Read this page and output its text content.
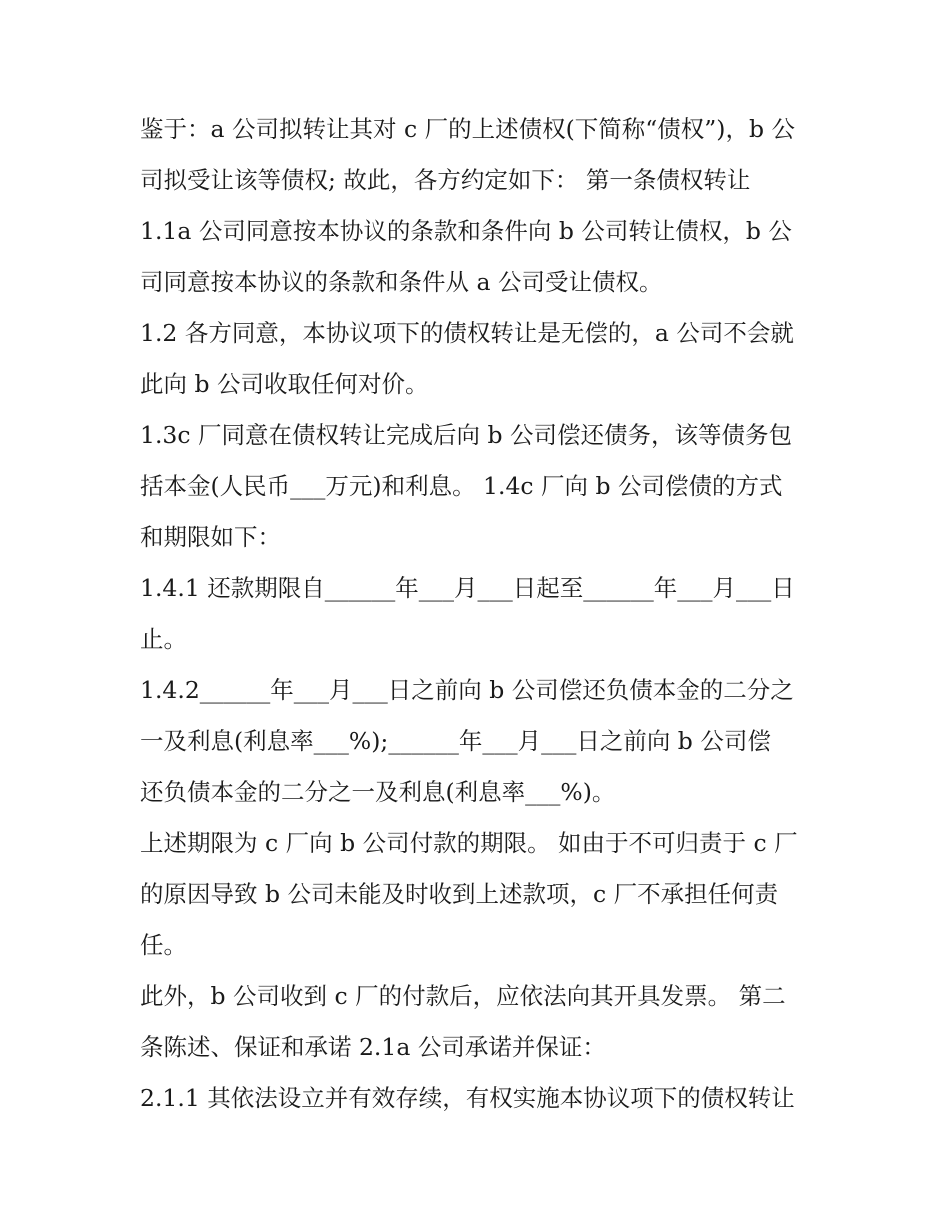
鉴于：a 公司拟转让其对 c 厂的上述债权(下简称“债权”)，b 公
司拟受让该等债权; 故此，各方约定如下： 第一条债权转让
1.1a 公司同意按本协议的条款和条件向 b 公司转让债权，b 公
司同意按本协议的条款和条件从 a 公司受让债权。
1.2 各方同意，本协议项下的债权转让是无偿的，a 公司不会就
此向 b 公司收取任何对价。
1.3c 厂同意在债权转让完成后向 b 公司偿还债务，该等债务包
括本金(人民币___万元)和利息。 1.4c 厂向 b 公司偿债的方式
和期限如下：
1.4.1 还款期限自______年___月___日起至______年___月___日
止。
1.4.2______年___月___日之前向 b 公司偿还负债本金的二分之
一及利息(利息率___%);______年___月___日之前向 b 公司偿
还负债本金的二分之一及利息(利息率___%)。
上述期限为 c 厂向 b 公司付款的期限。 如由于不可归责于 c 厂
的原因导致 b 公司未能及时收到上述款项，c 厂不承担任何责
任。
此外，b 公司收到 c 厂的付款后，应依法向其开具发票。 第二
条陈述、保证和承诺 2.1a 公司承诺并保证：
2.1.1 其依法设立并有效存续，有权实施本协议项下的债权转让
